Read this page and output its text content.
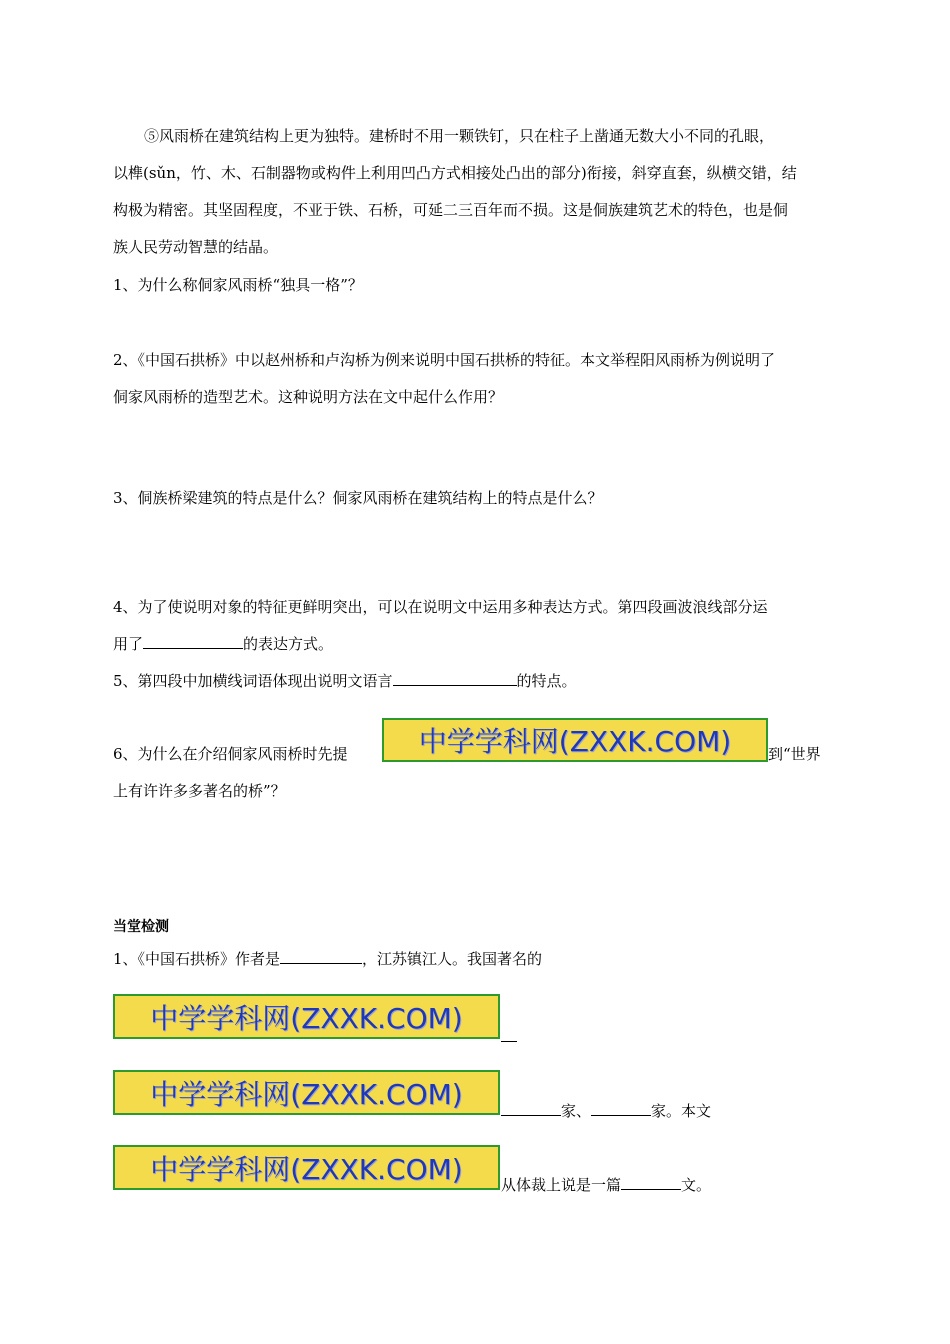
⑤风雨桥在建筑结构上更为独特。建桥时不用一颗铁钉，只在柱子上凿通无数大小不同的孔眼，
以榫(sǔn，竹、木、石制器物或构件上利用凹凸方式相接处凸出的部分)衔接，斜穿直套，纵横交错，结
构极为精密。其坚固程度，不亚于铁、石桥，可延二三百年而不损。这是侗族建筑艺术的特色，也是侗
族人民劳动智慧的结晶。
1、为什么称侗家风雨桥“独具一格”？
2、《中国石拱桥》中以赵州桥和卢沟桥为例来说明中国石拱桥的特征。本文举程阳风雨桥为例说明了
侗家风雨桥的造型艺术。这种说明方法在文中起什么作用？
3、侗族桥梁建筑的特点是什么？侗家风雨桥在建筑结构上的特点是什么？
4、为了使说明对象的特征更鲜明突出，可以在说明文中运用多种表达方式。第四段画波浪线部分运
用了	的表达方式。
5、第四段中加横线词语体现出说明文语言	的特点。
6、为什么在介绍侗家风雨桥时先提	中学学科网(ZXXK.COM) 到“世界
上有许许多多著名的桥”？
当堂检测
1、《中国石拱桥》作者是	，江苏镇江人。我国著名的
中学学科网(ZXXK.COM)
中学学科网(ZXXK.COM)
家、	家。本文
中学学科网(ZXXK.COM)	从体裁上说是一篇	文。
